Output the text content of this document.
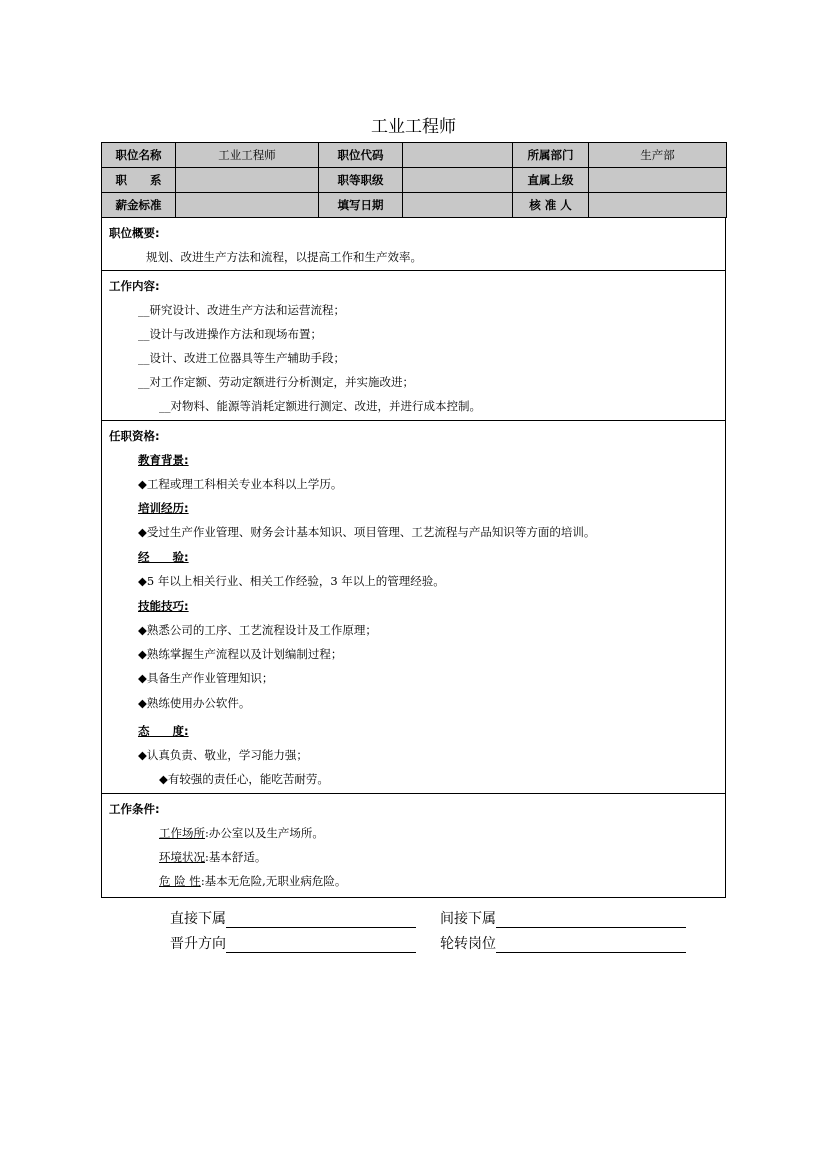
工业工程师
职位名称	工业工程师	职位代码		所属部门	生产部
职　　系		职等职级		直属上级	
薪金标准		填写日期		核 准 人	
职位概要:
规划、改进生产方法和流程，以提高工作和生产效率。
工作内容:
__研究设计、改进生产方法和运营流程；
__设计与改进操作方法和现场布置；
__设计、改进工位器具等生产辅助手段；
__对工作定额、劳动定额进行分析测定，并实施改进；
__对物料、能源等消耗定额进行测定、改进，并进行成本控制。
任职资格:
教育背景:
◆工程或理工科相关专业本科以上学历。
培训经历:
◆受过生产作业管理、财务会计基本知识、项目管理、工艺流程与产品知识等方面的培训。
经　　验:
◆5 年以上相关行业、相关工作经验，3 年以上的管理经验。
技能技巧:
◆熟悉公司的工序、工艺流程设计及工作原理；
◆熟练掌握生产流程以及计划编制过程；
◆具备生产作业管理知识；
◆熟练使用办公软件。
态　　度:
◆认真负责、敬业，学习能力强；
◆有较强的责任心，能吃苦耐劳。
工作条件:
工作场所:办公室以及生产场所。
环境状况:基本舒适。
危 险 性:基本无危险,无职业病危险。
直接下属	间接下属
晋升方向	轮转岗位
